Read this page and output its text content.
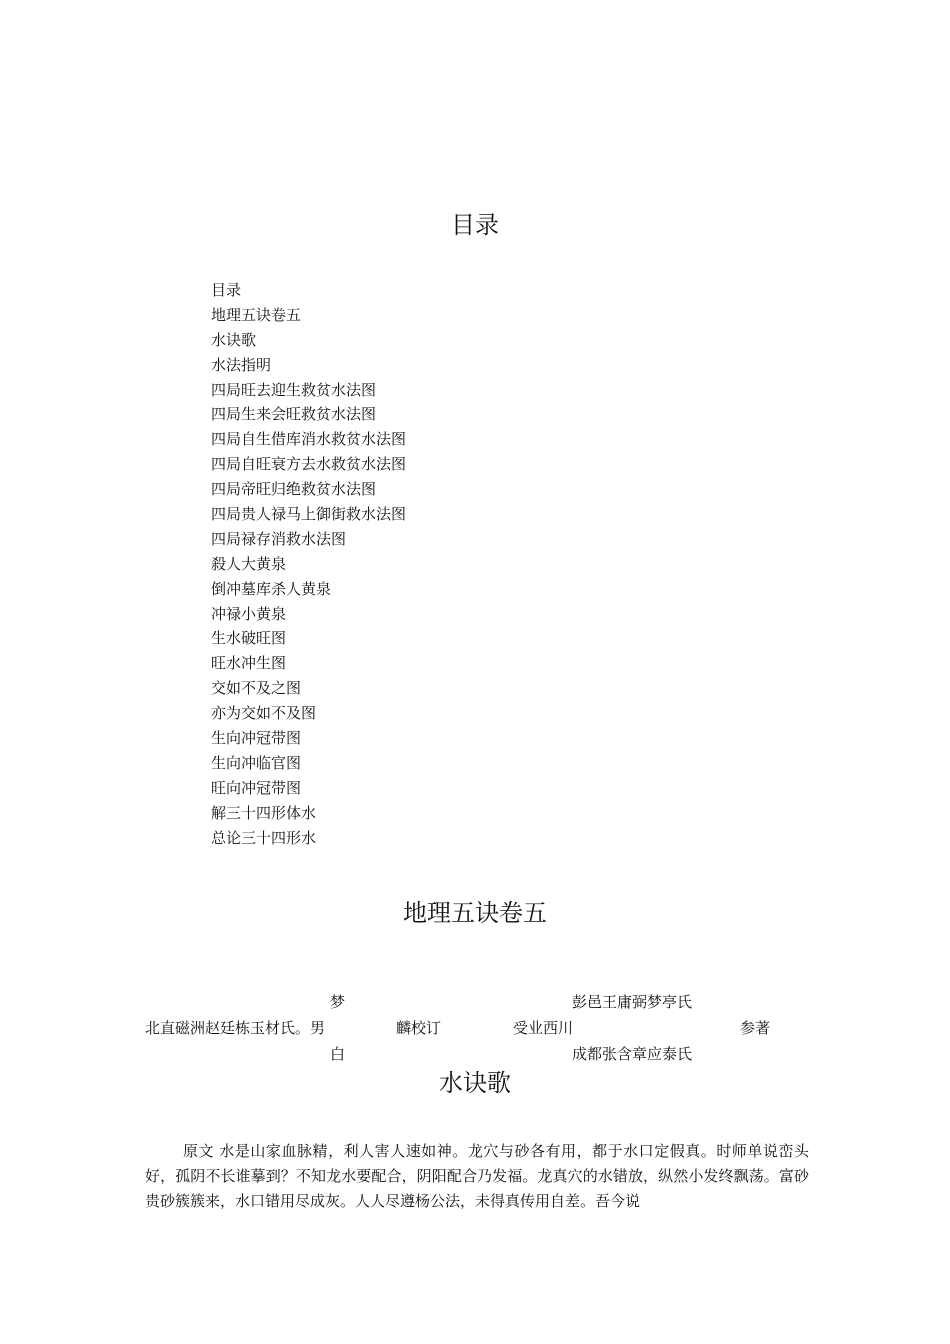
目录
目录
地理五诀卷五
水诀歌
水法指明
四局旺去迎生救贫水法图
四局生来会旺救贫水法图
四局自生借库消水救贫水法图
四局自旺衰方去水救贫水法图
四局帝旺归绝救贫水法图
四局贵人禄马上御街救水法图
四局禄存消救水法图
殺人大黄泉
倒冲墓库杀人黄泉
冲禄小黄泉
生水破旺图
旺水冲生图
交如不及之图
亦为交如不及图
生向冲冠带图
生向冲临官图
旺向冲冠带图
解三十四形体水
总论三十四形水
地理五诀卷五
梦
北直磁洲赵廷栋玉材氏。男
白
麟校订	受业西川
彭邑王庸弼梦亭氏
成都张含章应泰氏
参著
水诀歌

原文 水是山家血脉精，利人害人速如神。龙穴与砂各有用，都于水口定假真。时师单说峦头好，孤阴不长谁摹到？不知龙水要配合，阴阳配合乃发福。龙真穴的水错放，纵然小发终飘荡。富砂贵砂簇簇来，水口错用尽成灰。人人尽遵杨公法，未得真传用自差。吾今说
